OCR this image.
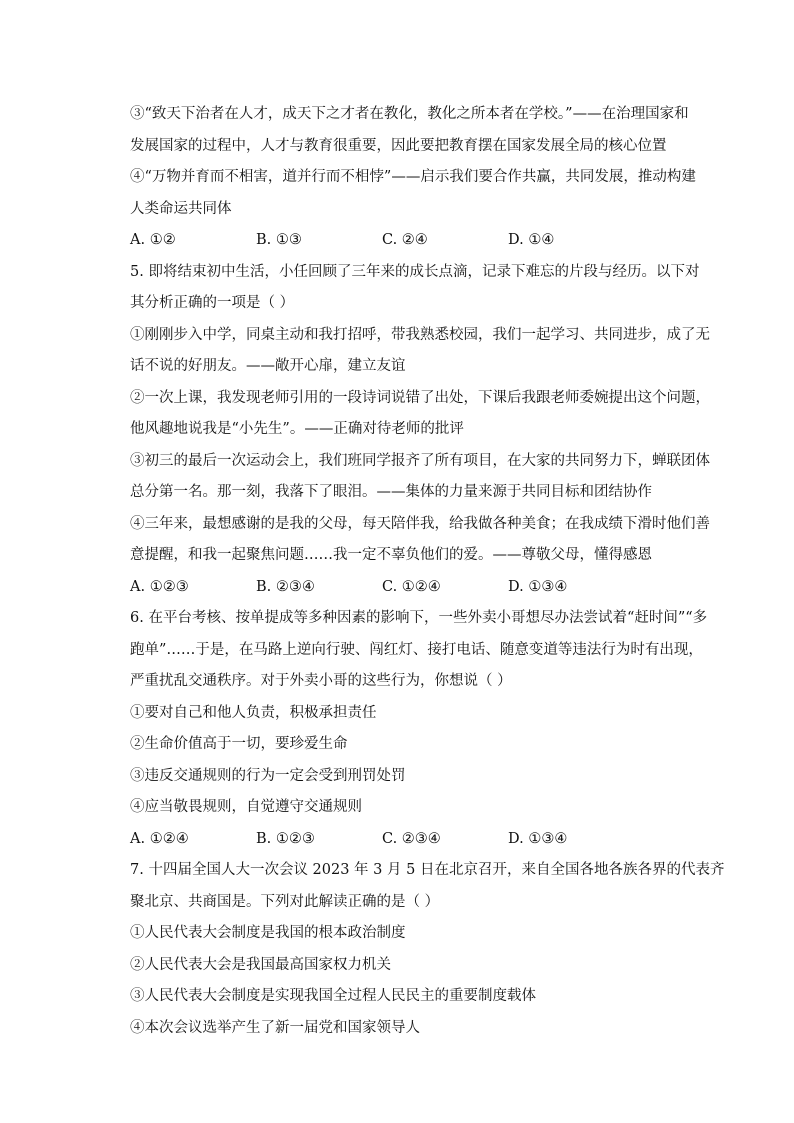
③“致天下治者在人才，成天下之才者在教化，教化之所本者在学校。”——在治理国家和
发展国家的过程中，人才与教育很重要，因此要把教育摆在国家发展全局的核心位置
④“万物并育而不相害，道并行而不相悖”——启示我们要合作共赢，共同发展，推动构建
人类命运共同体
A. ①②	B. ①③	C. ②④	D. ①④
5. 即将结束初中生活，小任回顾了三年来的成长点滴，记录下难忘的片段与经历。以下对
其分析正确的一项是（ ）
①刚刚步入中学，同桌主动和我打招呼，带我熟悉校园，我们一起学习、共同进步，成了无
话不说的好朋友。——敞开心扉，建立友谊
②一次上课，我发现老师引用的一段诗词说错了出处，下课后我跟老师委婉提出这个问题，
他风趣地说我是“小先生”。——正确对待老师的批评
③初三的最后一次运动会上，我们班同学报齐了所有项目，在大家的共同努力下，蝉联团体
总分第一名。那一刻，我落下了眼泪。——集体的力量来源于共同目标和团结协作
④三年来，最想感谢的是我的父母，每天陪伴我，给我做各种美食；在我成绩下滑时他们善
意提醒，和我一起聚焦问题……我一定不辜负他们的爱。——尊敬父母，懂得感恩
A. ①②③	B. ②③④	C. ①②④	D. ①③④
6. 在平台考核、按单提成等多种因素的影响下，一些外卖小哥想尽办法尝试着“赶时间”“多
跑单”……于是，在马路上逆向行驶、闯红灯、接打电话、随意变道等违法行为时有出现，
严重扰乱交通秩序。对于外卖小哥的这些行为，你想说（ ）
①要对自己和他人负责，积极承担责任
②生命价值高于一切，要珍爱生命
③违反交通规则的行为一定会受到刑罚处罚
④应当敬畏规则，自觉遵守交通规则
A. ①②④	B. ①②③	C. ②③④	D. ①③④
7. 十四届全国人大一次会议 2023 年 3 月 5 日在北京召开，来自全国各地各族各界的代表齐
聚北京、共商国是。下列对此解读正确的是（ ）
①人民代表大会制度是我国的根本政治制度
②人民代表大会是我国最高国家权力机关
③人民代表大会制度是实现我国全过程人民民主的重要制度载体
④本次会议选举产生了新一届党和国家领导人
